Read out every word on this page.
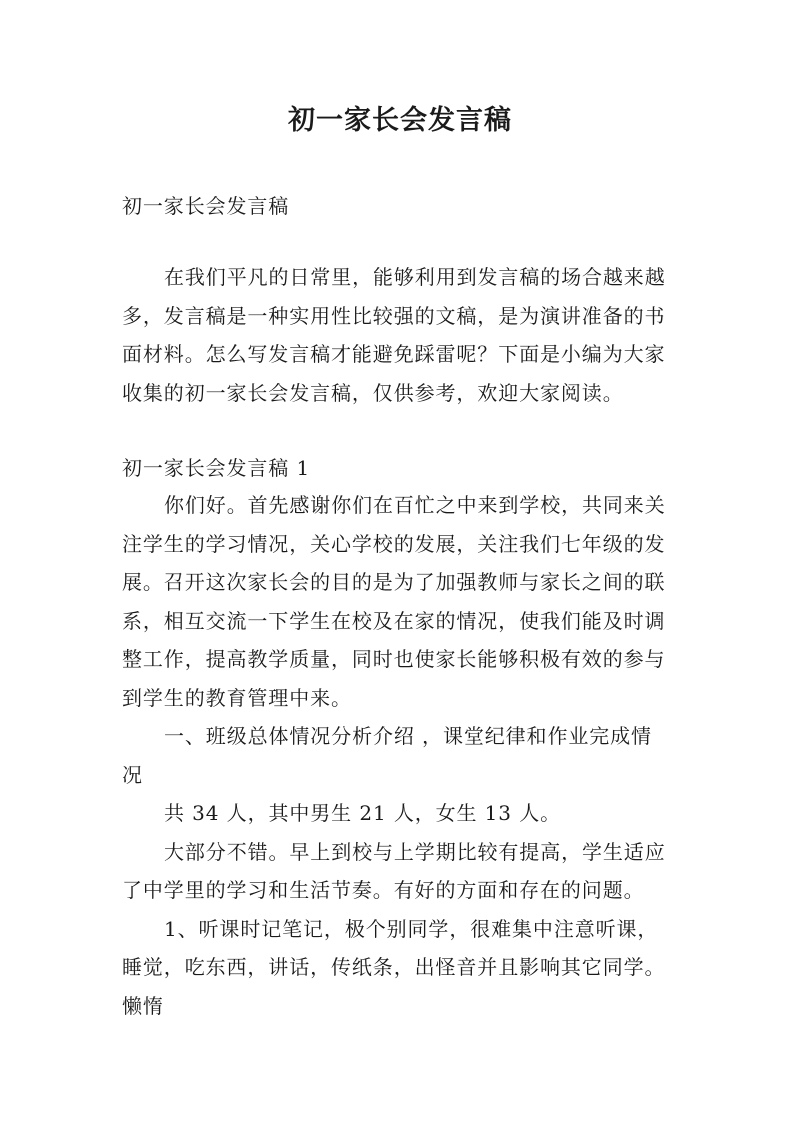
初一家长会发言稿

初一家长会发言稿

在我们平凡的日常里，能够利用到发言稿的场合越来越

多，发言稿是一种实用性比较强的文稿，是为演讲准备的书

面材料。怎么写发言稿才能避免踩雷呢？下面是小编为大家

收集的初一家长会发言稿，仅供参考，欢迎大家阅读。

初一家长会发言稿 1

你们好。首先感谢你们在百忙之中来到学校，共同来关

注学生的学习情况，关心学校的发展，关注我们七年级的发

展。召开这次家长会的目的是为了加强教师与家长之间的联

系，相互交流一下学生在校及在家的情况，使我们能及时调

整工作，提高教学质量，同时也使家长能够积极有效的参与

到学生的教育管理中来。

一、班级总体情况分析介绍 ，课堂纪律和作业完成情

况

共 34 人，其中男生 21 人，女生 13 人。

大部分不错。早上到校与上学期比较有提高，学生适应

了中学里的学习和生活节奏。有好的方面和存在的问题。

1、听课时记笔记，极个别同学，很难集中注意听课，

睡觉，吃东西，讲话，传纸条，出怪音并且影响其它同学。

懒惰
